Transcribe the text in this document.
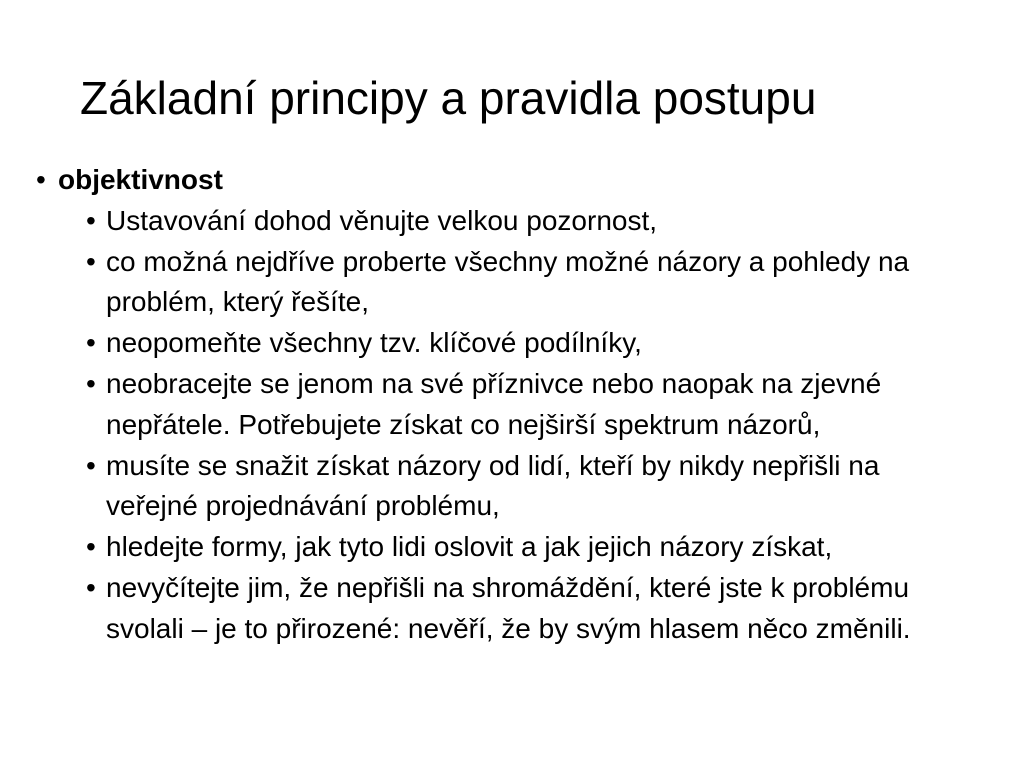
Základní principy a pravidla postupu
• objektivnost
• Ustavování dohod věnujte velkou pozornost,
• co možná nejdříve proberte všechny možné názory a pohledy na problém, který řešíte,
• neopomeňte všechny tzv. klíčové podílníky,
• neobracejte se jenom na své příznivce nebo naopak na zjevné nepřátele. Potřebujete získat co nejširší spektrum názorů,
• musíte se snažit získat názory od lidí, kteří by nikdy nepřišli na veřejné projednávání problému,
• hledejte formy, jak tyto lidi oslovit a jak jejich názory získat,
• nevyčítejte jim, že nepřišli na shromáždění, které jste k problému svolali – je to přirozené: nevěří, že by svým hlasem něco změnili.
